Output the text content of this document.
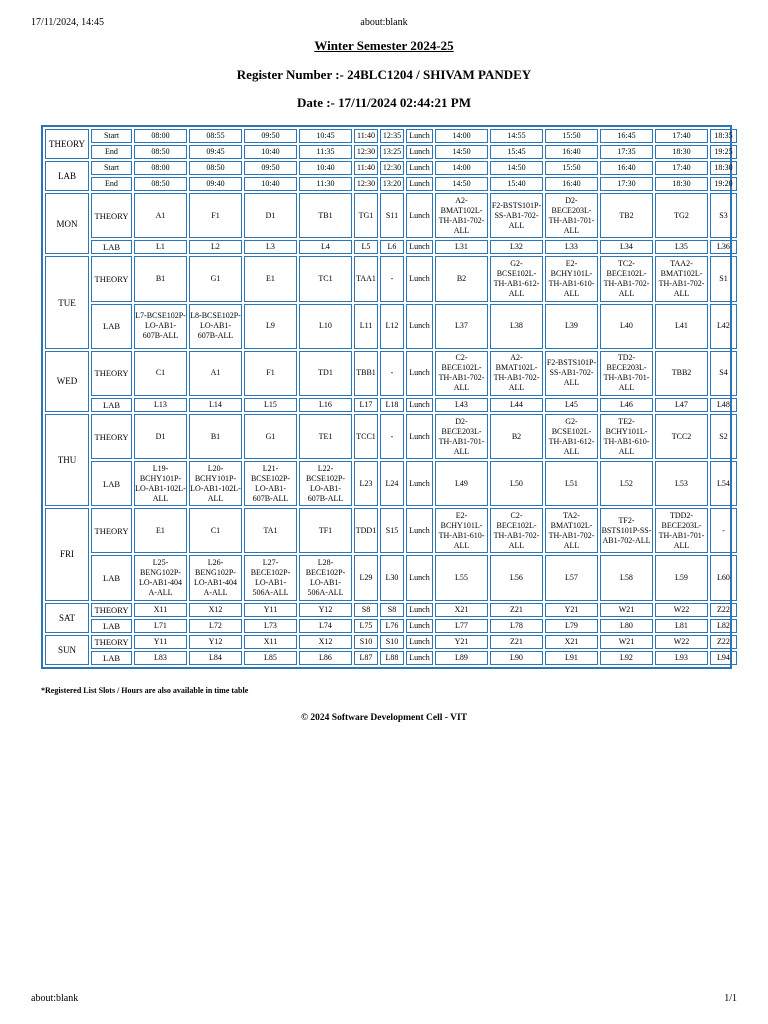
17/11/2024, 14:45	about:blank
Winter Semester 2024-25
Register Number :- 24BLC1204 / SHIVAM PANDEY
Date :- 17/11/2024 02:44:21 PM
THEORY	Start	08:00	08:55	09:50	10:45	11:40	12:35	Lunch	14:00	14:55	15:50	16:45	17:40	18:35
	End	08:50	09:45	10:40	11:35	12:30	13:25	Lunch	14:50	15:45	16:40	17:35	18:30	19:25
LAB	Start	08:00	08:50	09:50	10:40	11:40	12:30	Lunch	14:00	14:50	15:50	16:40	17:40	18:30
	End	08:50	09:40	10:40	11:30	12:30	13:20	Lunch	14:50	15:40	16:40	17:30	18:30	19:20
MON	THEORY	A1	F1	D1	TB1	TG1	S11	Lunch	A2-BMAT102L-TH-AB1-702-ALL	F2-BSTS101P-SS-AB1-702-ALL	D2-BECE203L-TH-AB1-701-ALL	TB2	TG2	S3
	LAB	L1	L2	L3	L4	L5	L6	Lunch	L31	L32	L33	L34	L35	L36
TUE	THEORY	B1	G1	E1	TC1	TAA1	-	Lunch	B2	G2-BCSE102L-TH-AB1-612-ALL	E2-BCHY101L-TH-AB1-610-ALL	TC2-BECE102L-TH-AB1-702-ALL	TAA2-BMAT102L-TH-AB1-702-ALL	S1
	LAB	L7-BCSE102P-LO-AB1-607B-ALL	L8-BCSE102P-LO-AB1-607B-ALL	L9	L10	L11	L12	Lunch	L37	L38	L39	L40	L41	L42
WED	THEORY	C1	A1	F1	TD1	TBB1	-	Lunch	C2-BECE102L-TH-AB1-702-ALL	A2-BMAT102L-TH-AB1-702-ALL	F2-BSTS101P-SS-AB1-702-ALL	TD2-BECE203L-TH-AB1-701-ALL	TBB2	S4
	LAB	L13	L14	L15	L16	L17	L18	Lunch	L43	L44	L45	L46	L47	L48
THU	THEORY	D1	B1	G1	TE1	TCC1	-	Lunch	D2-BECE203L-TH-AB1-701-ALL	B2	G2-BCSE102L-TH-AB1-612-ALL	TE2-BCHY101L-TH-AB1-610-ALL	TCC2	S2
	LAB	L19-BCHY101P-LO-AB1-102L-ALL	L20-BCHY101P-LO-AB1-102L-ALL	L21-BCSE102P-LO-AB1-607B-ALL	L22-BCSE102P-LO-AB1-607B-ALL	L23	L24	Lunch	L49	L50	L51	L52	L53	L54
FRI	THEORY	E1	C1	TA1	TF1	TDD1	S15	Lunch	E2-BCHY101L-TH-AB1-610-ALL	C2-BECE102L-TH-AB1-702-ALL	TA2-BMAT102L-TH-AB1-702-ALL	TF2-BSTS101P-SS-AB1-702-ALL	TDD2-BECE203L-TH-AB1-701-ALL	-
	LAB	L25-BENG102P-LO-AB1-404 A-ALL	L26-BENG102P-LO-AB1-404 A-ALL	L27-BECE102P-LO-AB1-506A-ALL	L28-BECE102P-LO-AB1-506A-ALL	L29	L30	Lunch	L55	L56	L57	L58	L59	L60
SAT	THEORY	X11	X12	Y11	Y12	S8	S8	Lunch	X21	Z21	Y21	W21	W22	Z22
	LAB	L71	L72	L73	L74	L75	L76	Lunch	L77	L78	L79	L80	L81	L82
SUN	THEORY	Y11	Y12	X11	X12	S10	S10	Lunch	Y21	Z21	X21	W21	W22	Z22
	LAB	L83	L84	L85	L86	L87	L88	Lunch	L89	L90	L91	L92	L93	L94
*Registered List Slots / Hours are also available in time table
© 2024 Software Development Cell - VIT
about:blank	1/1
